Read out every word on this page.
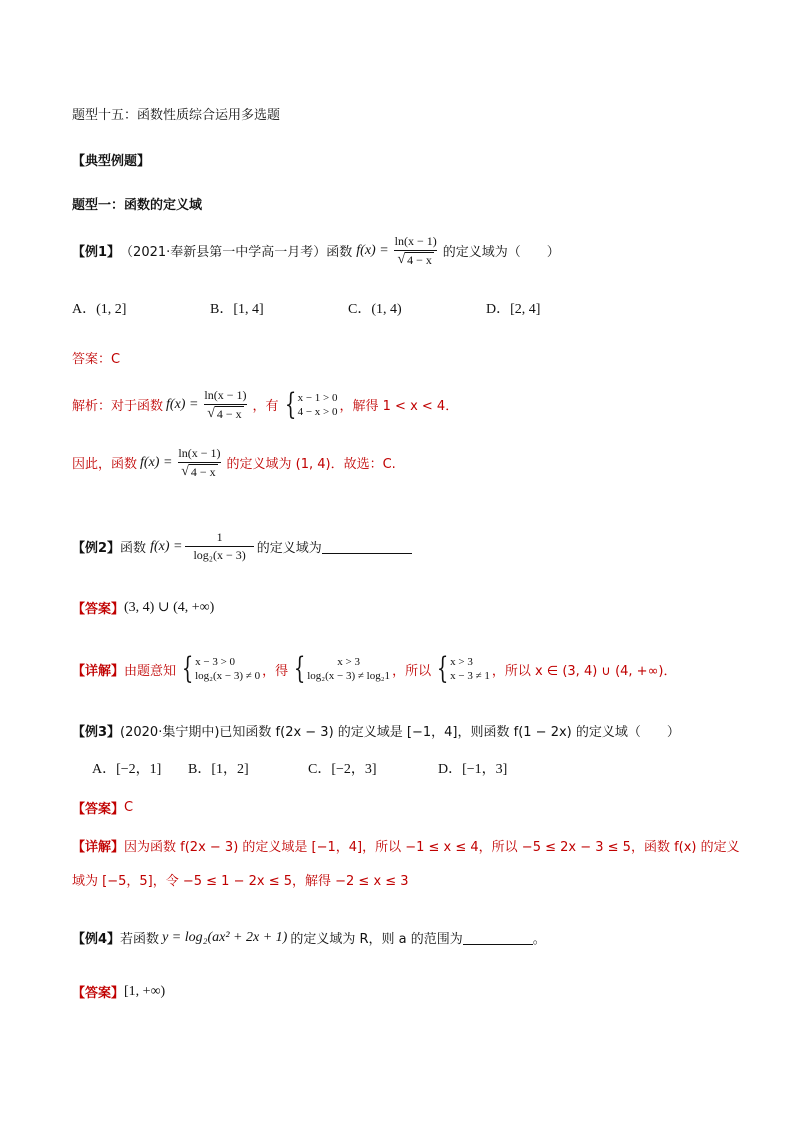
题型十五：函数性质综合运用多选题
【典型例题】
题型一：函数的定义域
【例1】 （2021·奉新县第一中学高一月考） 函数 $f(x) = \frac{\ln(x - 1)}{√ 4 - x}$ 的定义域为（　　）
A．(1, 2]	B．[1, 4]	C．(1, 4)	D．[2, 4]
答案：C
解析：对于函数 $f(x) = \frac{\ln(x - 1)}{√ 4 - x}$ ，有 { x − 1 > 0
4 − x > 0 ，解得 1 < x < 4．
因此，函数 $f(x) = \frac{\ln(x - 1)}{√ 4 - x}$ 的定义域为 (1, 4)．故选：C.
【例2】 函数 $f(x) = \frac{1}{\text{log₂(x − 3)}}$ 的定义域为
【答案】 (3, 4) ∪ (4, +∞)
【详解】 由题意知 { x − 3 > 0
log₂(x − 3) ≠ 0 ，得 {	x > 3
log₂(x − 3) ≠ log₂1 ，所以 { x > 3
x − 3 ≠ 1 ，所以 x ∈ (3, 4) ∪ (4, +∞)．
【例3】 (2020·集宁期中)已知函数 f(2x − 3) 的定义域是 [−1，4]，则函数 f(1 − 2x) 的定义域（　　）
A．[−2，1] B．[1，2]	C．[−2，3]	D．[−1，3]
【答案】 C
【详解】 因为函数 f(2x − 3) 的定义域是 [−1，4]，所以 −1 ≤ x ≤ 4，所以 −5 ≤ 2x − 3 ≤ 5，函数 f(x) 的定义
域为 [−5，5]，令 −5 ≤ 1 − 2x ≤ 5，解得 −2 ≤ x ≤ 3
【例4】 若函数 y = log₂(ax² + 2x + 1) 的定义域为 R，则 a 的范围为	。
【答案】 [1, +∞)
